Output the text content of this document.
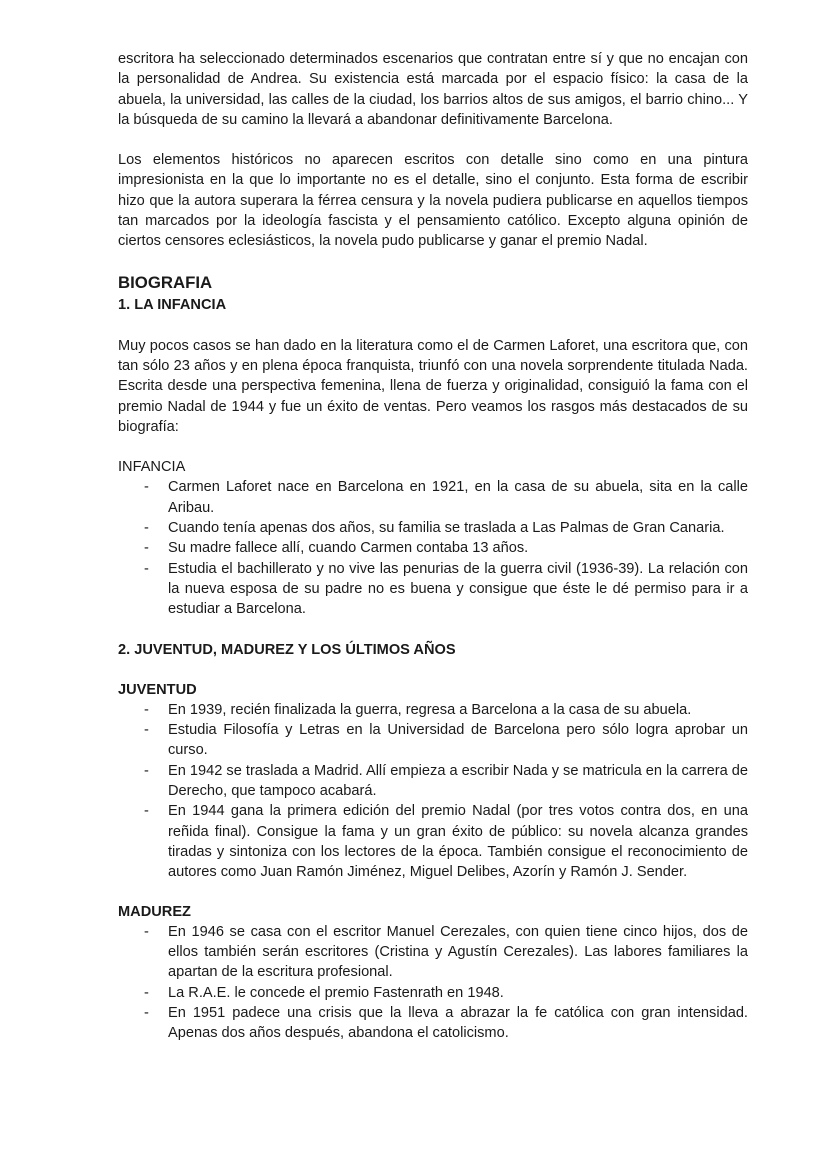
escritora ha seleccionado determinados escenarios que contratan entre sí y que no encajan con la personalidad de Andrea. Su existencia está marcada por el espacio físico: la casa de la abuela, la universidad, las calles de la ciudad, los barrios altos de sus amigos, el barrio chino... Y la búsqueda de su camino la llevará a abandonar definitivamente Barcelona.

Los elementos históricos no aparecen escritos con detalle sino como en una pintura impresionista en la que lo importante no es el detalle, sino el conjunto. Esta forma de escribir hizo que la autora superara la férrea censura y la novela pudiera publicarse en aquellos tiempos tan marcados por la ideología fascista y el pensamiento católico. Excepto alguna opinión de ciertos censores eclesiásticos, la novela pudo publicarse y ganar el premio Nadal.

BIOGRAFIA
1. LA INFANCIA

Muy pocos casos se han dado en la literatura como el de Carmen Laforet, una escritora que, con tan sólo 23 años y en plena época franquista, triunfó con una novela sorprendente titulada Nada. Escrita desde una perspectiva femenina, llena de fuerza y originalidad, consiguió la fama con el premio Nadal de 1944 y fue un éxito de ventas. Pero veamos los rasgos más destacados de su biografía:

INFANCIA

- Carmen Laforet nace en Barcelona en 1921, en la casa de su abuela, sita en la calle Aribau.
- Cuando tenía apenas dos años, su familia se traslada a Las Palmas de Gran Canaria.
- Su madre fallece allí, cuando Carmen contaba 13 años.
- Estudia el bachillerato y no vive las penurias de la guerra civil (1936-39). La relación con la nueva esposa de su padre no es buena y consigue que éste le dé permiso para ir a estudiar a Barcelona.
2. JUVENTUD, MADUREZ Y LOS ÚLTIMOS AÑOS

JUVENTUD

- En 1939, recién finalizada la guerra, regresa a Barcelona a la casa de su abuela.
- Estudia Filosofía y Letras en la Universidad de Barcelona pero sólo logra aprobar un curso.
- En 1942 se traslada a Madrid. Allí empieza a escribir Nada y se matricula en la carrera de Derecho, que tampoco acabará.
- En 1944 gana la primera edición del premio Nadal (por tres votos contra dos, en una reñida final). Consigue la fama y un gran éxito de público: su novela alcanza grandes tiradas y sintoniza con los lectores de la época. También consigue el reconocimiento de autores como Juan Ramón Jiménez, Miguel Delibes, Azorín y Ramón J. Sender.

MADUREZ

- En 1946 se casa con el escritor Manuel Cerezales, con quien tiene cinco hijos, dos de ellos también serán escritores (Cristina y Agustín Cerezales). Las labores familiares la apartan de la escritura profesional.
- La R.A.E. le concede el premio Fastenrath en 1948.
- En 1951 padece una crisis que la lleva a abrazar la fe católica con gran intensidad. Apenas dos años después, abandona el catolicismo.
